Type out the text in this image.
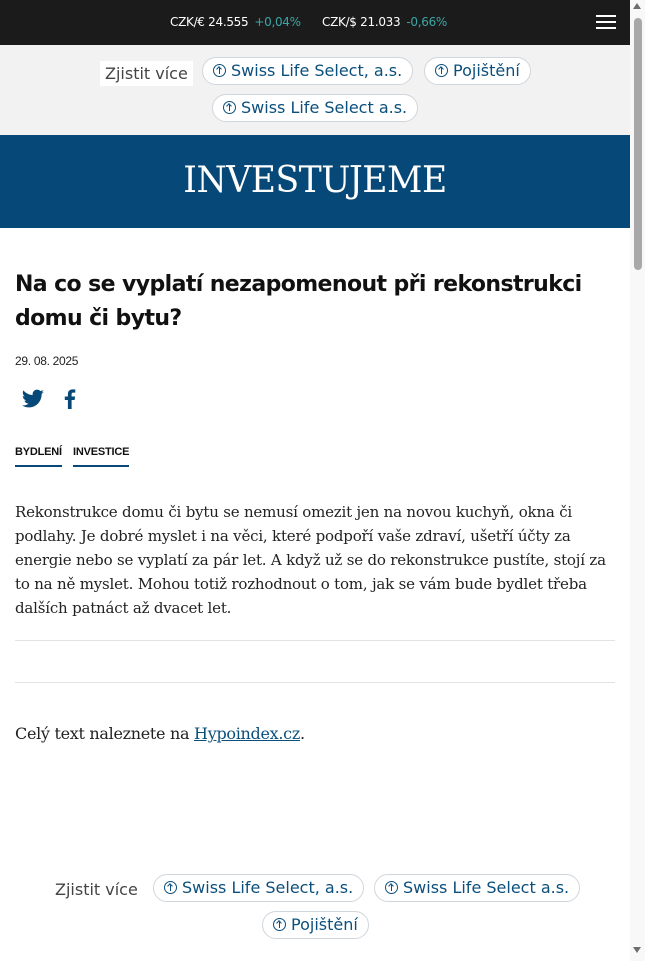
CZK/€ 24.555 +0,04% CZK/$ 21.033 -0,66%
Zjistit více	Swiss Life Select, a.s.	Pojištění
Swiss Life Select a.s.
INVESTUJEME
Na co se vyplatí nezapomenout při rekonstrukci domu či bytu?
29. 08. 2025
BYDLENÍ INVESTICE

Rekonstrukce domu či bytu se nemusí omezit jen na novou kuchyň, okna či podlahy. Je dobré myslet i na věci, které podpoří vaše zdraví, ušetří účty za energie nebo se vyplatí za pár let. A když už se do rekonstrukce pustíte, stojí za to na ně myslet. Mohou totiž rozhodnout o tom, jak se vám bude bydlet třeba dalších patnáct až dvacet let.

Celý text naleznete na Hypoindex.cz.
Zjistit více	Swiss Life Select, a.s.	Swiss Life Select a.s.
Pojištění
